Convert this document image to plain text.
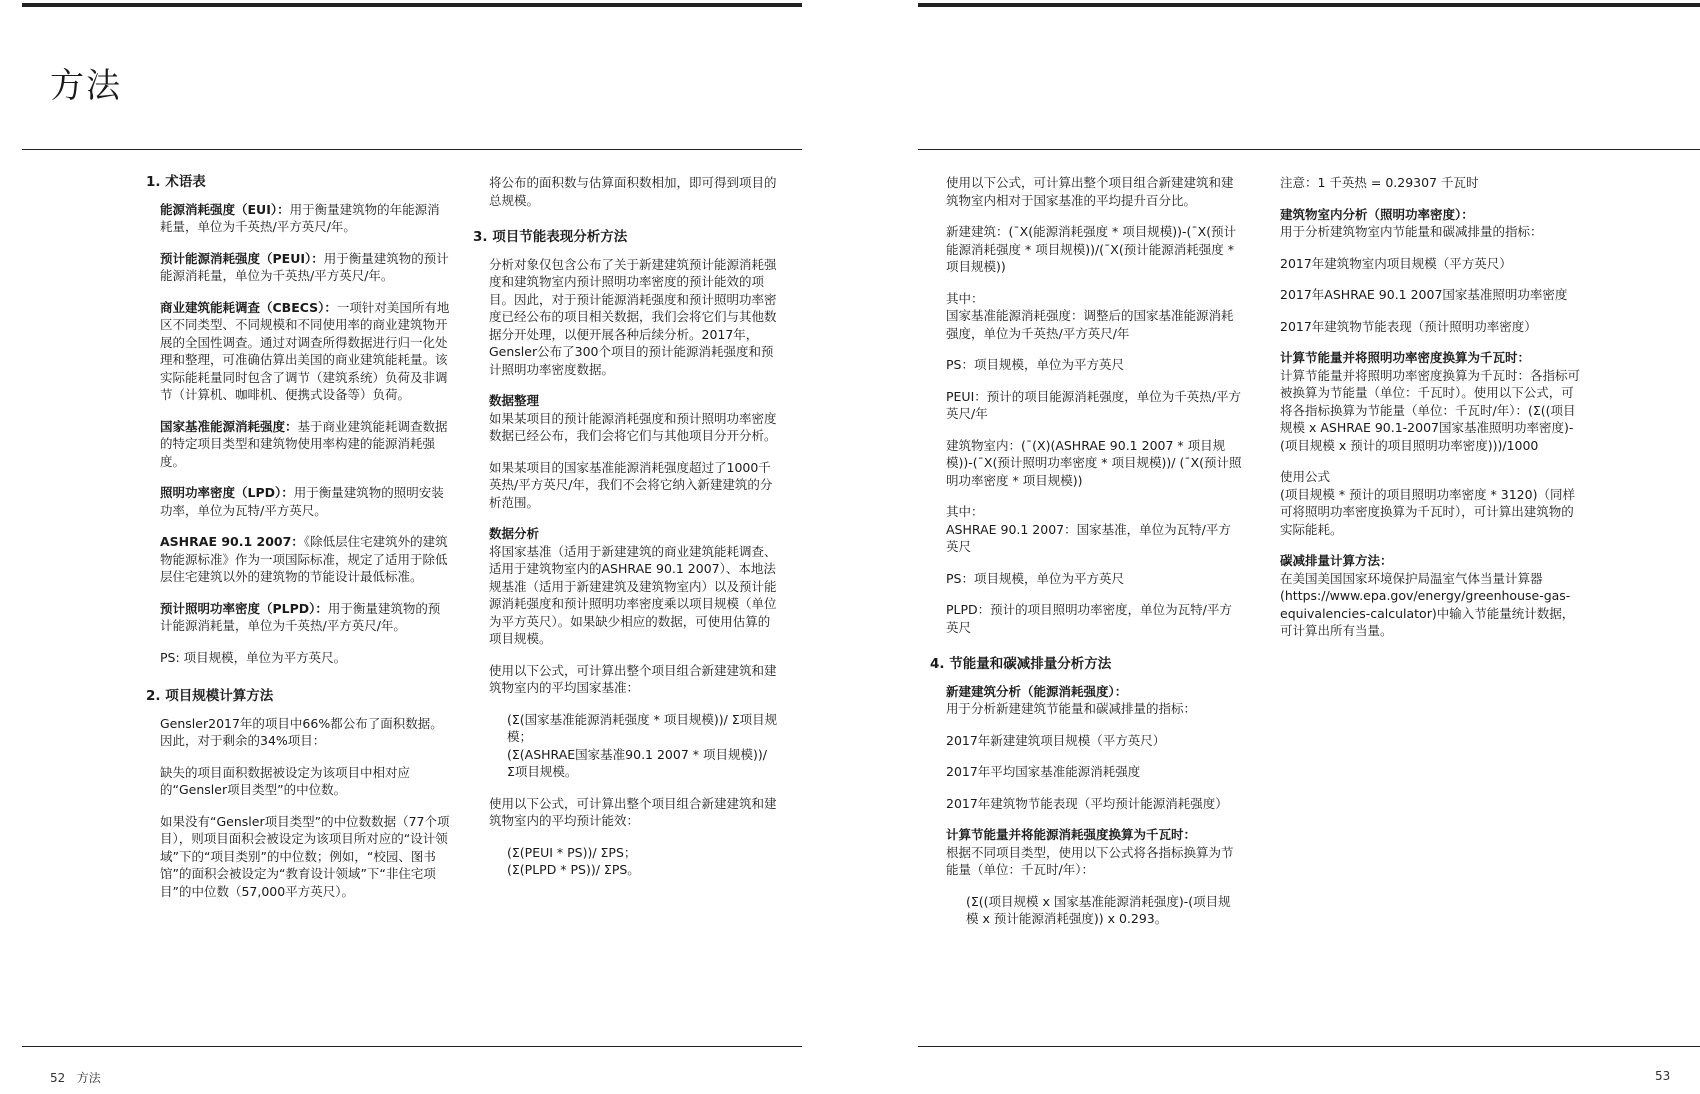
方法

1. 术语表

能源消耗强度（EUI）：用于衡量建筑物的年能源消耗量，单位为千英热/平方英尺/年。

预计能源消耗强度（PEUI）：用于衡量建筑物的预计能源消耗量，单位为千英热/平方英尺/年。

商业建筑能耗调查（CBECS）：一项针对美国所有地区不同类型、不同规模和不同使用率的商业建筑物开展的全国性调查。通过对调查所得数据进行归一化处理和整理，可准确估算出美国的商业建筑能耗量。该实际能耗量同时包含了调节（建筑系统）负荷及非调节（计算机、咖啡机、便携式设备等）负荷。

国家基准能源消耗强度：基于商业建筑能耗调查数据的特定项目类型和建筑物使用率构建的能源消耗强度。

照明功率密度（LPD）：用于衡量建筑物的照明安装功率，单位为瓦特/平方英尺。

ASHRAE 90.1 2007：《除低层住宅建筑外的建筑物能源标准》作为一项国际标准，规定了适用于除低层住宅建筑以外的建筑物的节能设计最低标准。

预计照明功率密度（PLPD）：用于衡量建筑物的预计能源消耗量，单位为千英热/平方英尺/年。

PS: 项目规模，单位为平方英尺。

2. 项目规模计算方法

Gensler2017年的项目中66%都公布了面积数据。因此，对于剩余的34%项目：

缺失的项目面积数据被设定为该项目中相对应的“Gensler项目类型”的中位数。

如果没有“Gensler项目类型”的中位数数据（77个项目），则项目面积会被设定为该项目所对应的“设计领域”下的“项目类别”的中位数；例如，“校园、图书馆”的面积会被设定为“教育设计领域”下“非住宅项目”的中位数（57,000平方英尺）。

将公布的面积数与估算面积数相加，即可得到项目的总规模。

3. 项目节能表现分析方法

分析对象仅包含公布了关于新建建筑预计能源消耗强度和建筑物室内预计照明功率密度的预计能效的项目。因此，对于预计能源消耗强度和预计照明功率密度已经公布的项目相关数据，我们会将它们与其他数据分开处理，以便开展各种后续分析。2017年，Gensler公布了300个项目的预计能源消耗强度和预计照明功率密度数据。

数据整理

如果某项目的预计能源消耗强度和预计照明功率密度数据已经公布，我们会将它们与其他项目分开分析。

如果某项目的国家基准能源消耗强度超过了1000千英热/平方英尺/年，我们不会将它纳入新建建筑的分析范围。

数据分析

将国家基准（适用于新建建筑的商业建筑能耗调查、适用于建筑物室内的ASHRAE 90.1 2007）、本地法规基准（适用于新建建筑及建筑物室内）以及预计能源消耗强度和预计照明功率密度乘以项目规模（单位为平方英尺）。如果缺少相应的数据，可使用估算的项目规模。

使用以下公式，可计算出整个项目组合新建建筑和建筑物室内的平均国家基准：

(Σ(国家基准能源消耗强度 * 项目规模))/ Σ项目规模；

(Σ(ASHRAE国家基准90.1 2007 * 项目规模))/ Σ项目规模。

使用以下公式，可计算出整个项目组合新建建筑和建筑物室内的平均预计能效：

(Σ(PEUI * PS))/ ΣPS；

(Σ(PLPD * PS))/ ΣPS。

使用以下公式，可计算出整个项目组合新建建筑和建筑物室内相对于国家基准的平均提升百分比。

新建建筑：(¯X(能源消耗强度 * 项目规模))-(¯X(预计能源消耗强度 * 项目规模))/(¯X(预计能源消耗强度 * 项目规模))

其中：

国家基准能源消耗强度：调整后的国家基准能源消耗强度，单位为千英热/平方英尺/年

PS：项目规模，单位为平方英尺

PEUI：预计的项目能源消耗强度，单位为千英热/平方英尺/年

建筑物室内：(¯(X)(ASHRAE 90.1 2007 * 项目规模))-(¯X(预计照明功率密度 * 项目规模))/ (¯X(预计照明功率密度 * 项目规模))

其中：

ASHRAE 90.1 2007：国家基准，单位为瓦特/平方英尺

PS：项目规模，单位为平方英尺

PLPD：预计的项目照明功率密度，单位为瓦特/平方英尺

4. 节能量和碳减排量分析方法

新建建筑分析（能源消耗强度）：

用于分析新建建筑节能量和碳减排量的指标：

2017年新建建筑项目规模（平方英尺）

2017年平均国家基准能源消耗强度

2017年建筑物节能表现（平均预计能源消耗强度）

计算节能量并将能源消耗强度换算为千瓦时：

根据不同项目类型，使用以下公式将各指标换算为节能量（单位：千瓦时/年）：

(Σ((项目规模 x 国家基准能源消耗强度)-(项目规模 x 预计能源消耗强度)) x 0.293。

注意：1 千英热 = 0.29307 千瓦时

建筑物室内分析（照明功率密度）：

用于分析建筑物室内节能量和碳减排量的指标：

2017年建筑物室内项目规模（平方英尺）

2017年ASHRAE 90.1 2007国家基准照明功率密度

2017年建筑物节能表现（预计照明功率密度）

计算节能量并将照明功率密度换算为千瓦时：

计算节能量并将照明功率密度换算为千瓦时：各指标可被换算为节能量（单位：千瓦时）。使用以下公式，可将各指标换算为节能量（单位：千瓦时/年）：(Σ((项目规模 x ASHRAE 90.1-2007国家基准照明功率密度)-(项目规模 x 预计的项目照明功率密度)))/1000

使用公式

(项目规模 * 预计的项目照明功率密度 * 3120)（同样可将照明功率密度换算为千瓦时），可计算出建筑物的实际能耗。

碳减排量计算方法：

在美国美国国家环境保护局温室气体当量计算器(https://www.epa.gov/energy/greenhouse-gas-equivalencies-calculator)中输入节能量统计数据，可计算出所有当量。

52 方法	53
